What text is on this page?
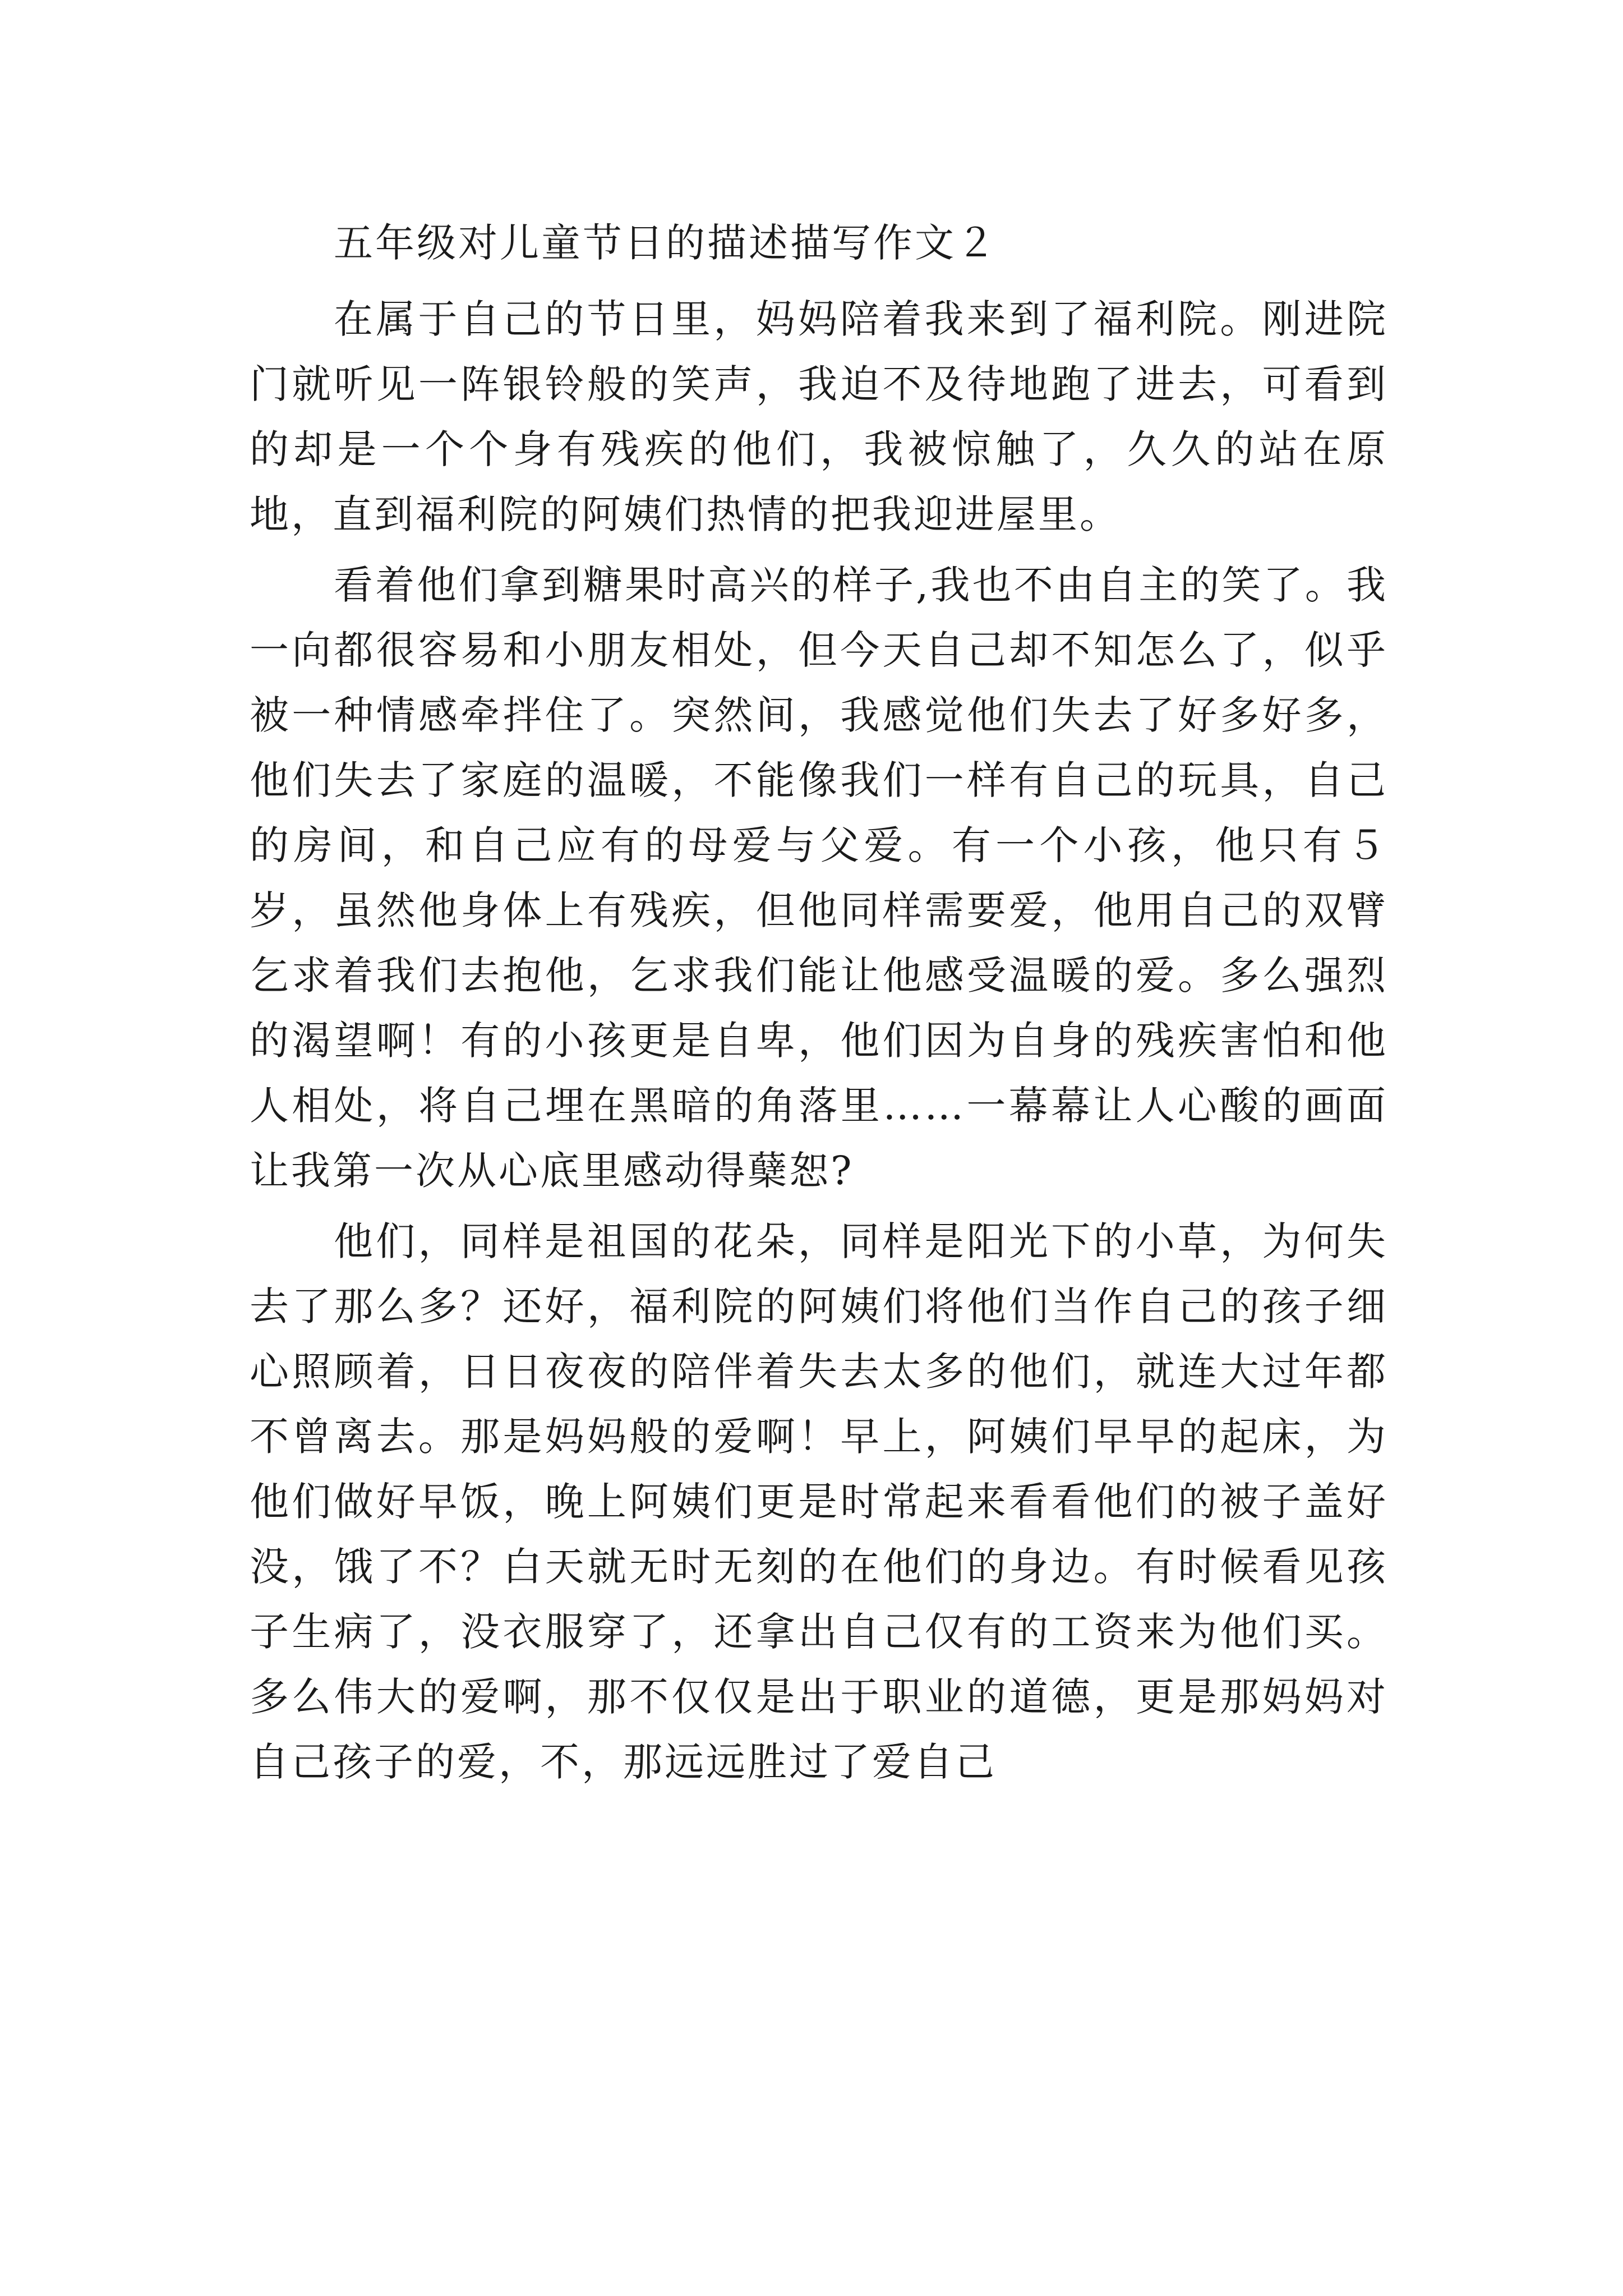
五年级对儿童节日的描述描写作文２

在属于自己的节日里，妈妈陪着我来到了福利院。刚进院门就听见一阵银铃般的笑声，我迫不及待地跑了进去，可看到的却是一个个身有残疾的他们，我被惊触了，久久的站在原地，直到福利院的阿姨们热情的把我迎进屋里。

看着他们拿到糖果时高兴的样子,我也不由自主的笑了。我一向都很容易和小朋友相处，但今天自己却不知怎么了，似乎被一种情感牵拌住了。突然间，我感觉他们失去了好多好多，他们失去了家庭的温暖，不能像我们一样有自己的玩具，自己的房间，和自己应有的母爱与父爱。有一个小孩，他只有５岁，虽然他身体上有残疾，但他同样需要爱，他用自己的双臂乞求着我们去抱他，乞求我们能让他感受温暖的爱。多么强烈的渴望啊！有的小孩更是自卑，他们因为自身的残疾害怕和他人相处，将自己埋在黑暗的角落里……一幕幕让人心酸的画面让我第一次从心底里感动得蘖恕?

他们，同样是祖国的花朵，同样是阳光下的小草，为何失去了那么多？还好，福利院的阿姨们将他们当作自己的孩子细心照顾着，日日夜夜的陪伴着失去太多的他们，就连大过年都不曾离去。那是妈妈般的爱啊！早上，阿姨们早早的起床，为他们做好早饭，晚上阿姨们更是时常起来看看他们的被子盖好没，饿了不？白天就无时无刻的在他们的身边。有时候看见孩子生病了，没衣服穿了，还拿出自己仅有的工资来为他们买。多么伟大的爱啊，那不仅仅是出于职业的道德，更是那妈妈对自己孩子的爱，不，那远远胜过了爱自己
